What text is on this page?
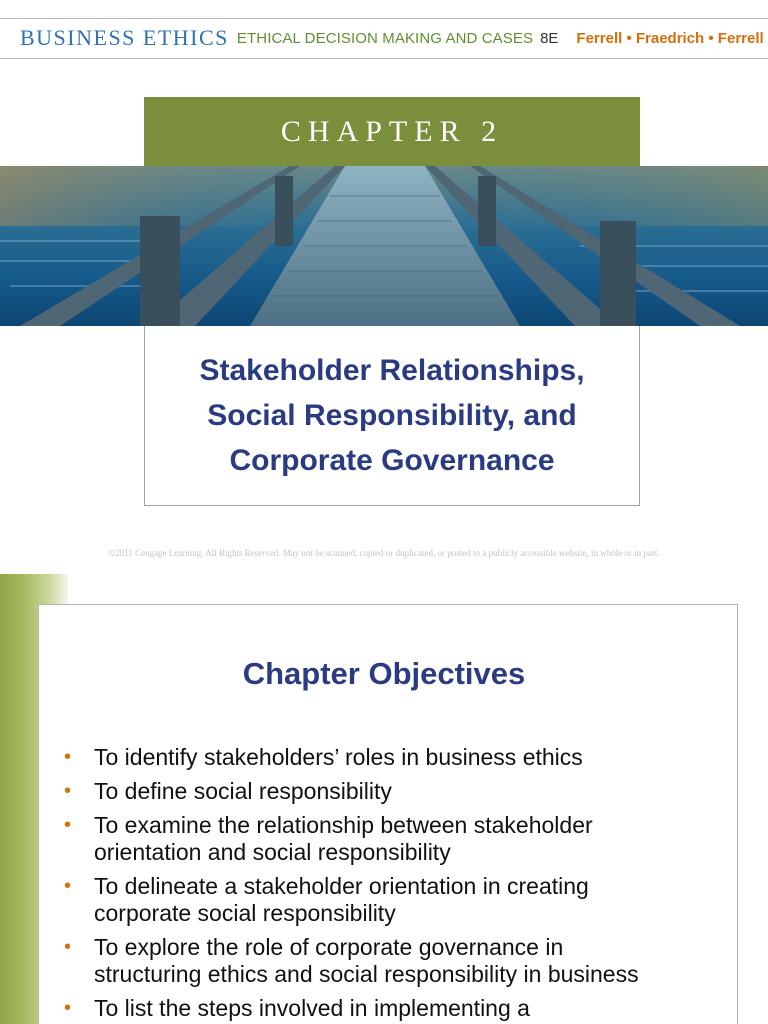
BUSINESS ETHICS ETHICAL DECISION MAKING AND CASES 8E Ferrell • Fraedrich • Ferrell
CHAPTER 2
Stakeholder Relationships,
Social Responsibility, and
Corporate Governance
©2011 Cengage Learning. All Rights Reserved. May not be scanned, copied or duplicated, or posted to a publicly accessible website, in whole or in part.
Chapter Objectives
• To identify stakeholders’ roles in business ethics
• To define social responsibility
• To examine the relationship between stakeholder
orientation and social responsibility
• To delineate a stakeholder orientation in creating
corporate social responsibility
• To explore the role of corporate governance in
structuring ethics and social responsibility in business
• To list the steps involved in implementing a
